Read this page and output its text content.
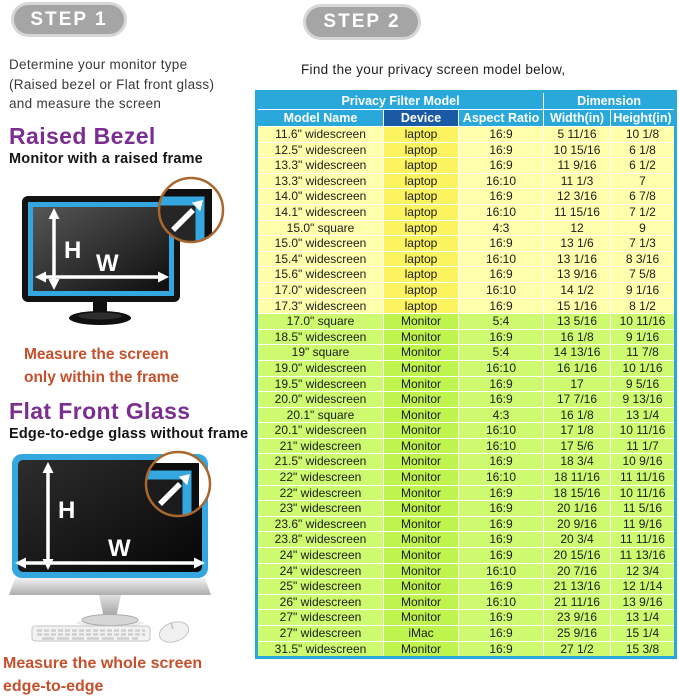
STEP 1
Determine your monitor type
(Raised bezel or Flat front glass)
and measure the screen
Raised Bezel
Monitor with a raised frame
H W
Measure the screen
only within the frame
Flat Front Glass
Edge-to-edge glass without frame
H
W
Measure the whole screen
edge-to-edge
STEP 2
Find the your privacy screen model below,
Privacy Filter Model			Dimension	
Model Name	Device	Aspect Ratio	Width(in)	Height(in)
11.6" widescreen	laptop	16:9	5 11/16	10 1/8
12.5" widescreen	laptop	16:9	10 15/16	6 1/8
13.3" widescreen	laptop	16:9	11 9/16	6 1/2
13.3" widescreen	laptop	16:10	11 1/3	7
14.0" widescreen	laptop	16:9	12 3/16	6 7/8
14.1" widescreen	laptop	16:10	11 15/16	7 1/2
15.0" square	laptop	4:3	12	9
15.0" widescreen	laptop	16:9	13 1/6	7 1/3
15.4" widescreen	laptop	16:10	13 1/16	8 3/16
15.6" widescreen	laptop	16:9	13 9/16	7 5/8
17.0" widescreen	laptop	16:10	14 1/2	9 1/16
17.3" widescreen	laptop	16:9	15 1/16	8 1/2
17.0" square	Monitor	5:4	13 5/16	10 11/16
18.5" widescreen	Monitor	16:9	16 1/8	9 1/16
19" square	Monitor	5:4	14 13/16	11 7/8
19.0" widescreen	Monitor	16:10	16 1/16	10 1/16
19.5" widescreen	Monitor	16:9	17	9 5/16
20.0" widescreen	Monitor	16:9	17 7/16	9 13/16
20.1" square	Monitor	4:3	16 1/8	13 1/4
20.1" widescreen	Monitor	16:10	17 1/8	10 11/16
21" widescreen	Monitor	16:10	17 5/6	11 1/7
21.5" widescreen	Monitor	16:9	18 3/4	10 9/16
22" widescreen	Monitor	16:10	18 11/16	11 11/16
22" widescreen	Monitor	16:9	18 15/16	10 11/16
23" widescreen	Monitor	16:9	20 1/16	11 5/16
23.6" widescreen	Monitor	16:9	20 9/16	11 9/16
23.8" widescreen	Monitor	16:9	20 3/4	11 11/16
24" widescreen	Monitor	16:9	20 15/16	11 13/16
24" widescreen	Monitor	16:10	20 7/16	12 3/4
25" widescreen	Monitor	16:9	21 13/16	12 1/14
26" widescreen	Monitor	16:10	21 11/16	13 9/16
27" widescreen	Monitor	16:9	23 9/16	13 1/4
27" widescreen	iMac	16:9	25 9/16	15 1/4
31.5" widescreen	Monitor	16:9	27 1/2	15 3/8
